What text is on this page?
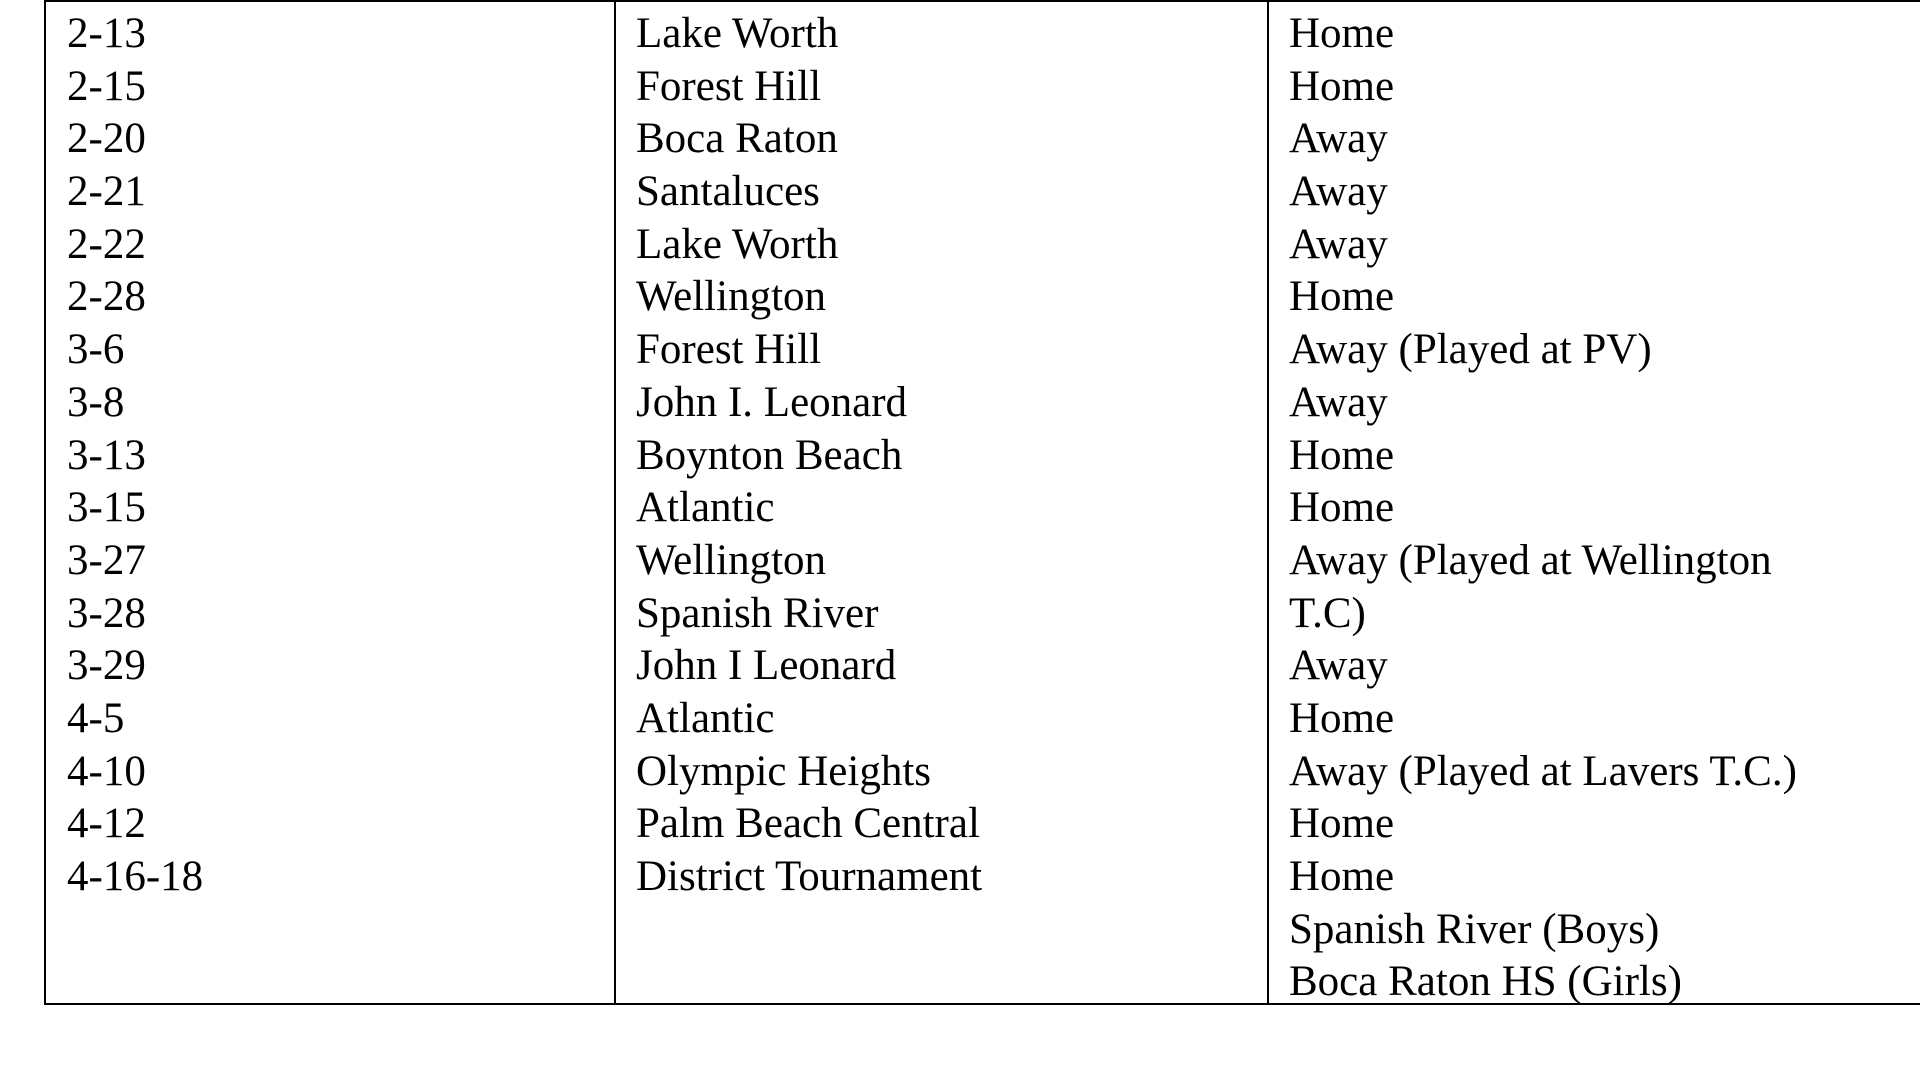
2-13
2-15
2-20
2-21
2-22
2-28
3-6
3-8
3-13
3-15
3-27
3-28
3-29
4-5
4-10
4-12
4-16-18
Lake Worth
Forest Hill
Boca Raton
Santaluces
Lake Worth
Wellington
Forest Hill
John I. Leonard
Boynton Beach
Atlantic
Wellington
Spanish River
John I Leonard
Atlantic
Olympic Heights
Palm Beach Central
District Tournament
Home
Home
Away
Away
Away
Home
Away (Played at PV)
Away
Home
Home
Away (Played at Wellington
T.C)
Away
Home
Away (Played at Lavers T.C.)
Home
Home
Spanish River (Boys)
Boca Raton HS (Girls)
